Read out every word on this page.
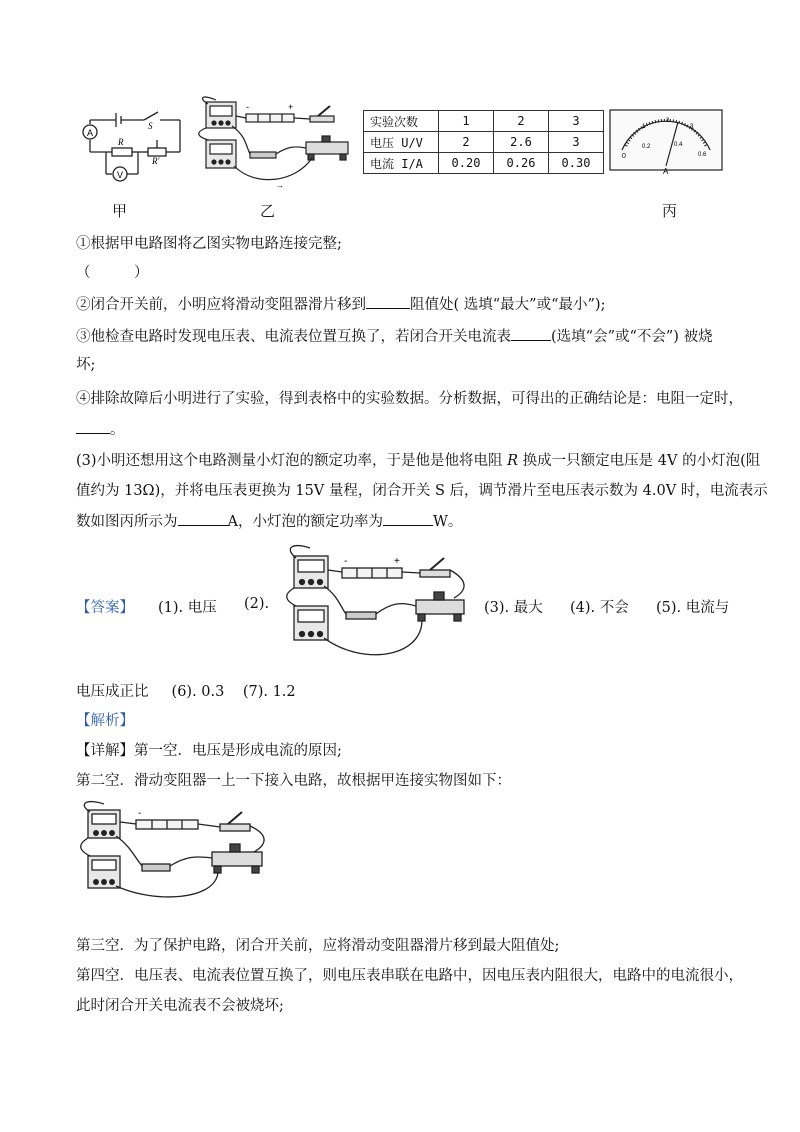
A
S
R
R'
V
-	+
→
实验次数	1	2	3
电压 U/V	2	2.6	3
电流 I/A	0.20	0.26	0.30	0
0.2	0.4
0.6
1
2
3
A
甲	乙	丙
①根据甲电路图将乙图实物电路连接完整;
（　　　）
②闭合开关前，小明应将滑动变阻器滑片移到	阻值处( 选填“最大”或“最小”);
③他检查电路时发现电压表、电流表位置互换了，若闭合开关电流表	(选填“会”或“不会”) 被烧
坏;
④排除故障后小明进行了实验，得到表格中的实验数据。分析数据，可得出的正确结论是：电阻一定时，
。
(3)小明还想用这个电路测量小灯泡的额定功率，于是他是他将电阻 R 换成一只额定电压是 4V 的小灯泡(阻
值约为 13Ω)，并将电压表更换为 15V 量程，闭合开关 S 后，调节滑片至电压表示数为 4.0V 时，电流表示
数如图丙所示为	A，小灯泡的额定功率为	W。
【答案】 (1). 电压 (2).
-	+
(3). 最大 (4). 不会 (5). 电流与
电压成正比 (6). 0.3 (7). 1.2
【解析】
【详解】第一空．电压是形成电流的原因;
第二空．滑动变阻器一上一下接入电路，故根据甲连接实物图如下：
-
第三空．为了保护电路，闭合开关前，应将滑动变阻器滑片移到最大阻值处;
第四空．电压表、电流表位置互换了，则电压表串联在电路中，因电压表内阻很大，电路中的电流很小，
此时闭合开关电流表不会被烧坏;
